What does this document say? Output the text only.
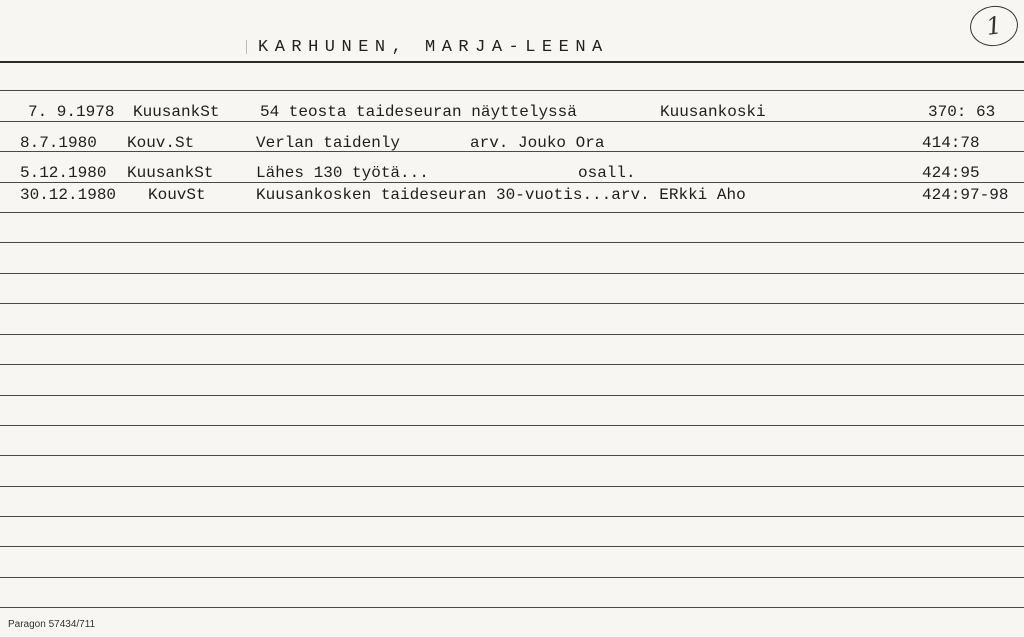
KARHUNEN, MARJA-LEENA
1
7. 9.1978 KuusankSt	54 teosta taideseuran näyttelyssä	Kuusankoski	370: 63
8.7.1980 Kouv.St	Verlan taidenly	arv. Jouko Ora	414:78
5.12.1980 KuusankSt	Lähes 130 työtä...	osall.	424:95
30.12.1980 KouvSt	Kuusankosken taideseuran 30-vuotis...arv. ERkki Aho	424:97-98
Paragon 57434/711
